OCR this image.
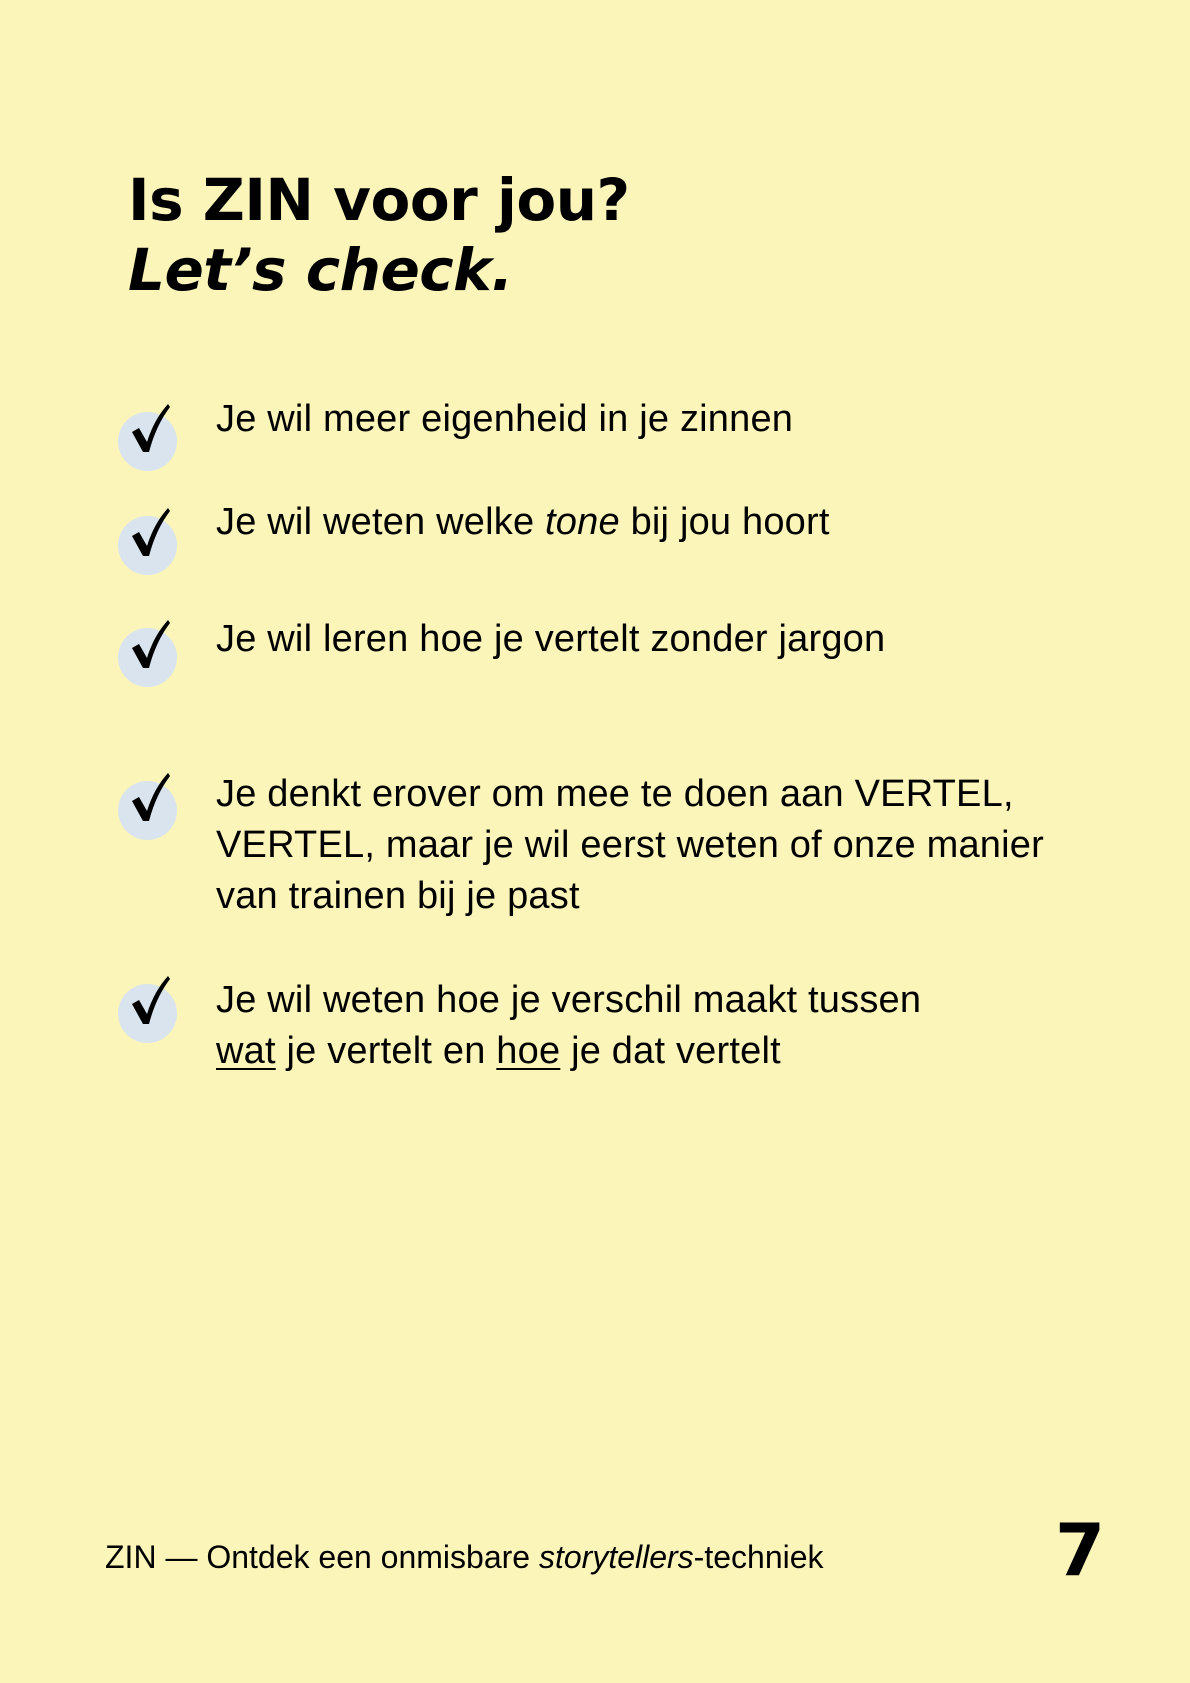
Is ZIN voor jou?
Let’s check.
Je wil meer eigenheid in je zinnen
Je wil weten welke tone bij jou hoort
Je wil leren hoe je vertelt zonder jargon
Je denkt erover om mee te doen aan VERTEL, VERTEL, maar je wil eerst weten of onze manier van trainen bij je past
Je wil weten hoe je verschil maakt tussen wat je vertelt en hoe je dat vertelt
ZIN — Ontdek een onmisbare storytellers-techniek	7
